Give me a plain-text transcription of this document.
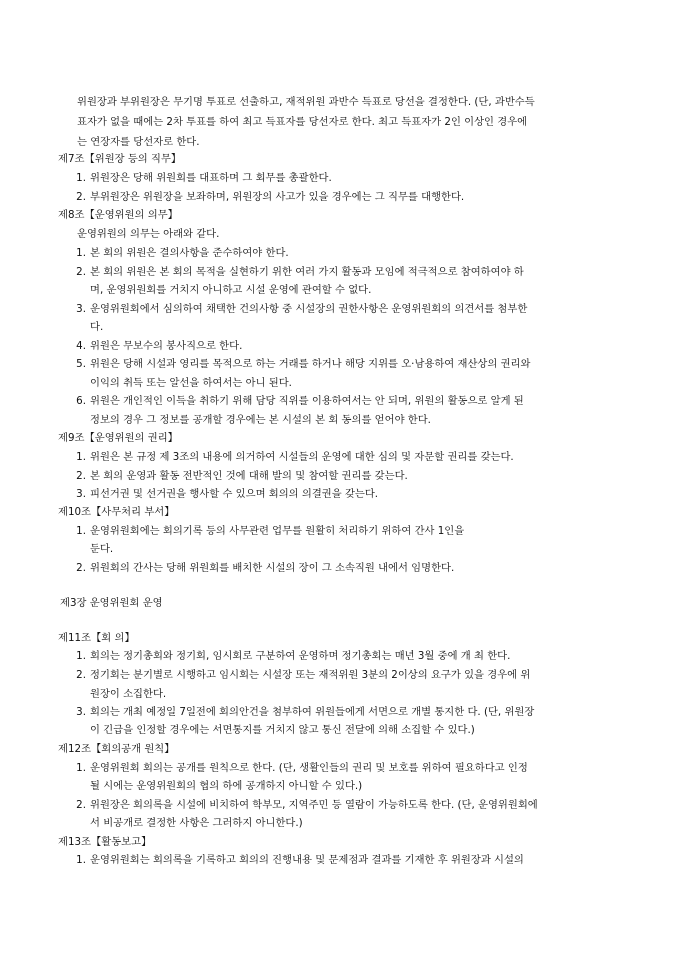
위원장과 부위원장은 무기명 투표로 선출하고, 재적위원 과반수 득표로 당선을 결정한다. (단, 과반수득
표자가 없을 때에는 2차 투표를 하여 최고 득표자를 당선자로 한다. 최고 득표자가 2인 이상인 경우에
는 연장자를 당선자로 한다.
제7조【위원장 등의 직무】
1. 위원장은 당해 위원회를 대표하며 그 회무를 총괄한다.
2. 부위원장은 위원장을 보좌하며, 위원장의 사고가 있을 경우에는 그 직무를 대행한다.
제8조【운영위원의 의무】
운영위원의 의무는 아래와 같다.
1. 본 회의 위원은 결의사항을 준수하여야 한다.
2. 본 회의 위원은 본 회의 목적을 실현하기 위한 여러 가지 활동과 모임에 적극적으로 참여하여야 하
며, 운영위원회를 거치지 아니하고 시설 운영에 관여할 수 없다.
3. 운영위원회에서 심의하여 채택한 건의사항 중 시설장의 권한사항은 운영위원회의 의견서를 첨부한
다.
4. 위원은 무보수의 봉사직으로 한다.
5. 위원은 당해 시설과 영리를 목적으로 하는 거래를 하거나 해당 지위를 오·남용하여 재산상의 권리와
이익의 취득 또는 알선을 하여서는 아니 된다.
6. 위원은 개인적인 이득을 취하기 위해 담당 직위를 이용하여서는 안 되며, 위원의 활동으로 알게 된
정보의 경우 그 정보를 공개할 경우에는 본 시설의 본 회 동의를 얻어야 한다.
제9조【운영위원의 권리】
1. 위원은 본 규정 제 3조의 내용에 의거하여 시설들의 운영에 대한 심의 및 자문할 권리를 갖는다.
2. 본 회의 운영과 활동 전반적인 것에 대해 발의 및 참여할 권리를 갖는다.
3. 피선거권 및 선거권을 행사할 수 있으며 회의의 의결권을 갖는다.
제10조【사무처리 부서】
1. 운영위원회에는 회의기록 등의 사무관련 업무를 원활히 처리하기 위하여 간사 1인을
둔다.
2. 위원회의 간사는 당해 위원회를 배치한 시설의 장이 그 소속직원 내에서 임명한다.
제3장 운영위원회 운영
제11조【회 의】
1. 회의는 정기총회와 정기회, 임시회로 구분하여 운영하며 정기총회는 매년 3월 중에 개 최 한다.
2. 정기회는 분기별로 시행하고 임시회는 시설장 또는 재적위원 3분의 2이상의 요구가 있을 경우에 위
원장이 소집한다.
3. 회의는 개최 예정일 7일전에 회의안건을 첨부하여 위원들에게 서면으로 개별 통지한 다. (단, 위원장
이 긴급을 인정할 경우에는 서면통지를 거치지 않고 통신 전달에 의해 소집할 수 있다.)
제12조【회의공개 원칙】
1. 운영위원회 회의는 공개를 원칙으로 한다. (단, 생활인들의 권리 및 보호를 위하여 필요하다고 인정
될 시에는 운영위원회의 협의 하에 공개하지 아니할 수 있다.)
2. 위원장은 회의록을 시설에 비치하여 학부모, 지역주민 등 열람이 가능하도록 한다. (단, 운영위원회에
서 비공개로 결정한 사항은 그러하지 아니한다.)
제13조【활동보고】
1. 운영위원회는 회의록을 기록하고 회의의 진행내용 및 문제점과 결과를 기재한 후 위원장과 시설의
